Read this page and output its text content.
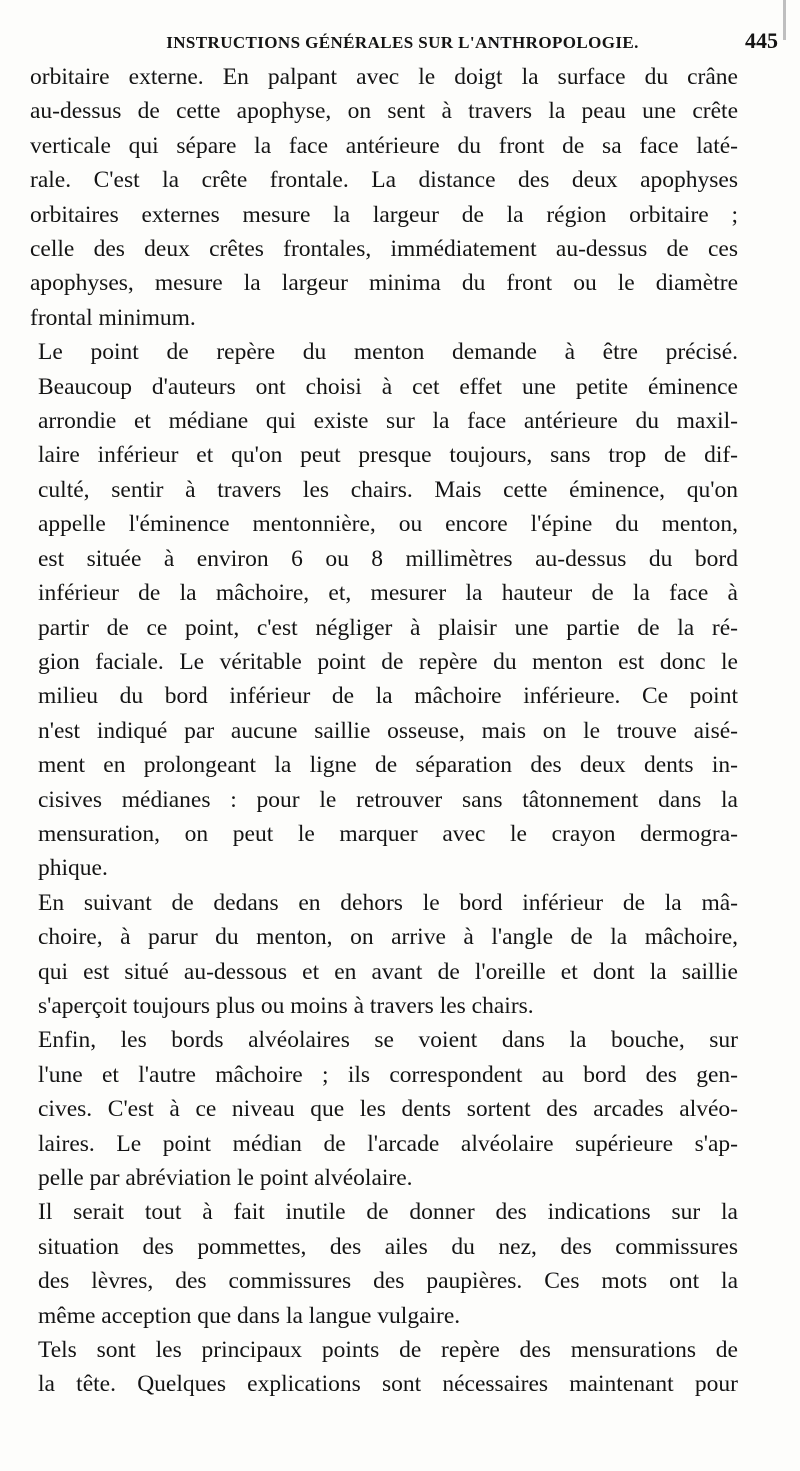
INSTRUCTIONS GÉNÉRALES SUR L'ANTHROPOLOGIE.	445

orbitaire externe. En palpant avec le doigt la surface du crâne
au-dessus de cette apophyse, on sent à travers la peau une crête
verticale qui sépare la face antérieure du front de sa face laté-
rale. C'est la crête frontale. La distance des deux apophyses
orbitaires externes mesure la largeur de la région orbitaire ;
celle des deux crêtes frontales, immédiatement au-dessus de ces
apophyses, mesure la largeur minima du front ou le diamètre
frontal minimum.

Le point de repère du menton demande à être précisé.
Beaucoup d'auteurs ont choisi à cet effet une petite éminence
arrondie et médiane qui existe sur la face antérieure du maxil-
laire inférieur et qu'on peut presque toujours, sans trop de dif-
culté, sentir à travers les chairs. Mais cette éminence, qu'on
appelle l'éminence mentonnière, ou encore l'épine du menton,
est située à environ 6 ou 8 millimètres au-dessus du bord
inférieur de la mâchoire, et, mesurer la hauteur de la face à
partir de ce point, c'est négliger à plaisir une partie de la ré-
gion faciale. Le véritable point de repère du menton est donc le
milieu du bord inférieur de la mâchoire inférieure. Ce point
n'est indiqué par aucune saillie osseuse, mais on le trouve aisé-
ment en prolongeant la ligne de séparation des deux dents in-
cisives médianes : pour le retrouver sans tâtonnement dans la
mensuration, on peut le marquer avec le crayon dermogra-
phique.

En suivant de dedans en dehors le bord inférieur de la mâ-
choire, à parur du menton, on arrive à l'angle de la mâchoire,
qui est situé au-dessous et en avant de l'oreille et dont la saillie
s'aperçoit toujours plus ou moins à travers les chairs.

Enfin, les bords alvéolaires se voient dans la bouche, sur
l'une et l'autre mâchoire ; ils correspondent au bord des gen-
cives. C'est à ce niveau que les dents sortent des arcades alvéo-
laires. Le point médian de l'arcade alvéolaire supérieure s'ap-
pelle par abréviation le point alvéolaire.

Il serait tout à fait inutile de donner des indications sur la
situation des pommettes, des ailes du nez, des commissures
des lèvres, des commissures des paupières. Ces mots ont la
même acception que dans la langue vulgaire.

Tels sont les principaux points de repère des mensurations de
la tête. Quelques explications sont nécessaires maintenant pour
